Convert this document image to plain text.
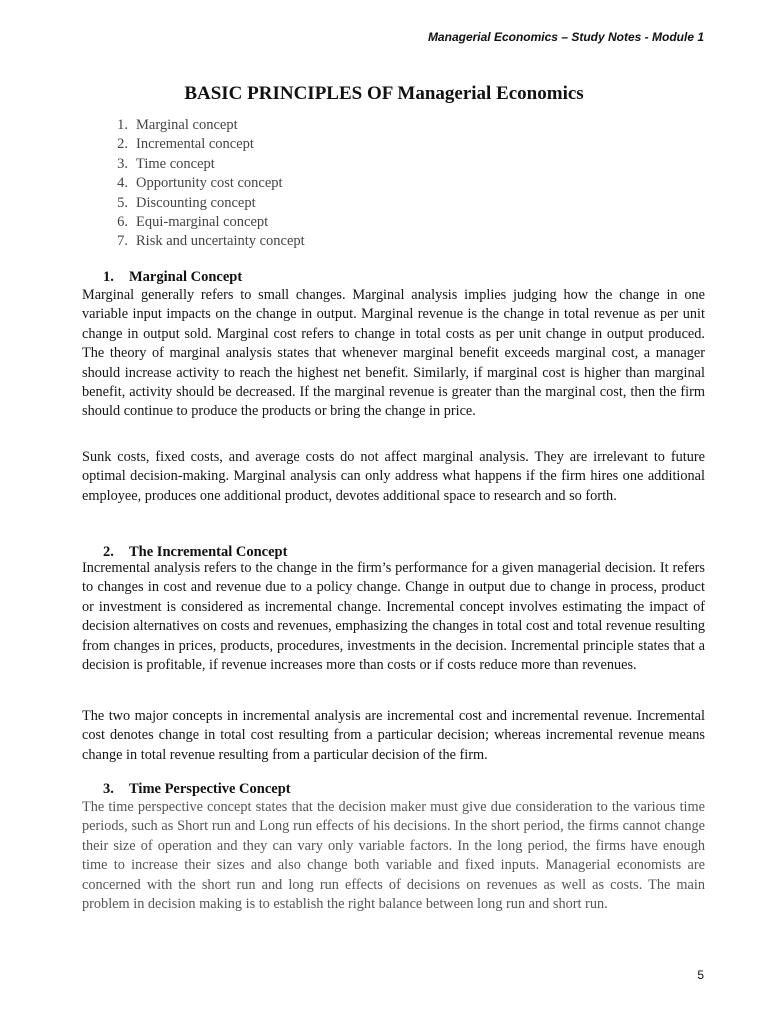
Managerial Economics – Study Notes - Module 1
BASIC PRINCIPLES OF Managerial Economics
1. Marginal concept
2. Incremental concept
3. Time concept
4. Opportunity cost concept
5. Discounting concept
6. Equi-marginal concept
7. Risk and uncertainty concept
1. Marginal Concept

Marginal generally refers to small changes. Marginal analysis implies judging how the change in one variable input impacts on the change in output. Marginal revenue is the change in total revenue as per unit change in output sold. Marginal cost refers to change in total costs as per unit change in output produced. The theory of marginal analysis states that whenever marginal benefit exceeds marginal cost, a manager should increase activity to reach the highest net benefit. Similarly, if marginal cost is higher than marginal benefit, activity should be decreased. If the marginal revenue is greater than the marginal cost, then the firm should continue to produce the products or bring the change in price.

Sunk costs, fixed costs, and average costs do not affect marginal analysis. They are irrelevant to future optimal decision-making. Marginal analysis can only address what happens if the firm hires one additional employee, produces one additional product, devotes additional space to research and so forth.

2. The Incremental Concept

Incremental analysis refers to the change in the firm’s performance for a given managerial decision. It refers to changes in cost and revenue due to a policy change. Change in output due to change in process, product or investment is considered as incremental change. Incremental concept involves estimating the impact of decision alternatives on costs and revenues, emphasizing the changes in total cost and total revenue resulting from changes in prices, products, procedures, investments in the decision. Incremental principle states that a decision is profitable, if revenue increases more than costs or if costs reduce more than revenues.

The two major concepts in incremental analysis are incremental cost and incremental revenue. Incremental cost denotes change in total cost resulting from a particular decision; whereas incremental revenue means change in total revenue resulting from a particular decision of the firm.

3. Time Perspective Concept

The time perspective concept states that the decision maker must give due consideration to the various time periods, such as Short run and Long run effects of his decisions. In the short period, the firms cannot change their size of operation and they can vary only variable factors. In the long period, the firms have enough time to increase their sizes and also change both variable and fixed inputs. Managerial economists are concerned with the short run and long run effects of decisions on revenues as well as costs. The main problem in decision making is to establish the right balance between long run and short run.

5
